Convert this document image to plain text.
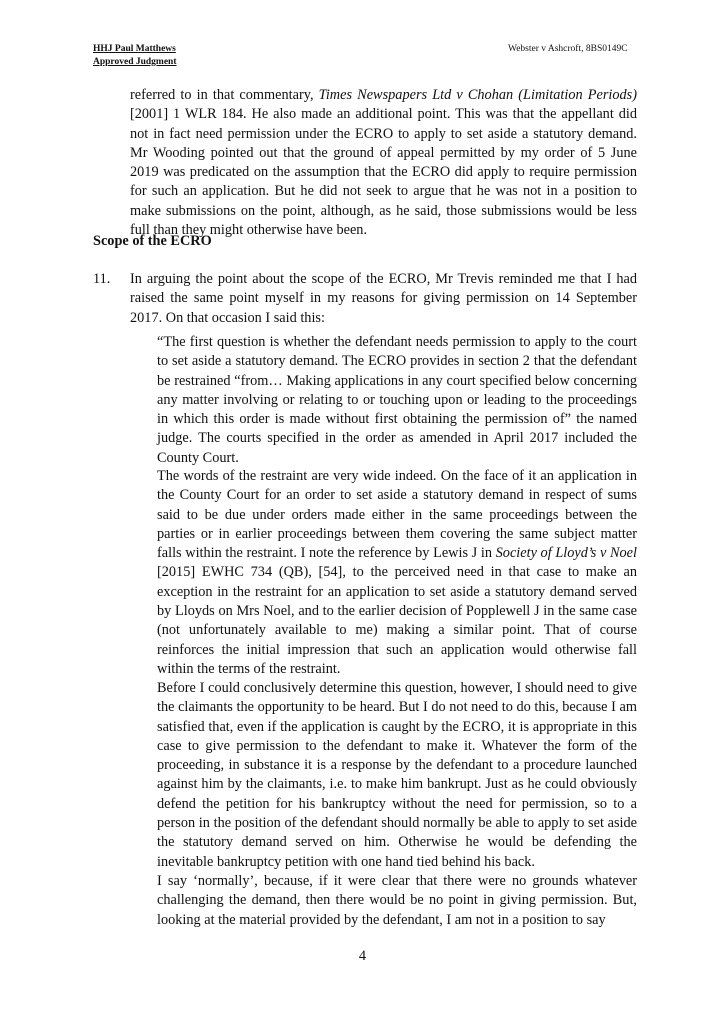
HHJ Paul Matthews
Approved Judgment
Webster v Ashcroft, 8BS0149C

referred to in that commentary, Times Newspapers Ltd v Chohan (Limitation Periods) [2001] 1 WLR 184. He also made an additional point. This was that the appellant did not in fact need permission under the ECRO to apply to set aside a statutory demand. Mr Wooding pointed out that the ground of appeal permitted by my order of 5 June 2019 was predicated on the assumption that the ECRO did apply to require permission for such an application. But he did not seek to argue that he was not in a position to make submissions on the point, although, as he said, those submissions would be less full than they might otherwise have been.

Scope of the ECRO
11. In arguing the point about the scope of the ECRO, Mr Trevis reminded me that I had raised the same point myself in my reasons for giving permission on 14 September 2017. On that occasion I said this:

“The first question is whether the defendant needs permission to apply to the court to set aside a statutory demand. The ECRO provides in section 2 that the defendant be restrained “from… Making applications in any court specified below concerning any matter involving or relating to or touching upon or leading to the proceedings in which this order is made without first obtaining the permission of” the named judge. The courts specified in the order as amended in April 2017 included the County Court.

The words of the restraint are very wide indeed. On the face of it an application in the County Court for an order to set aside a statutory demand in respect of sums said to be due under orders made either in the same proceedings between the parties or in earlier proceedings between them covering the same subject matter falls within the restraint. I note the reference by Lewis J in Society of Lloyd’s v Noel [2015] EWHC 734 (QB), [54], to the perceived need in that case to make an exception in the restraint for an application to set aside a statutory demand served by Lloyds on Mrs Noel, and to the earlier decision of Popplewell J in the same case (not unfortunately available to me) making a similar point. That of course reinforces the initial impression that such an application would otherwise fall within the terms of the restraint.

Before I could conclusively determine this question, however, I should need to give the claimants the opportunity to be heard. But I do not need to do this, because I am satisfied that, even if the application is caught by the ECRO, it is appropriate in this case to give permission to the defendant to make it. Whatever the form of the proceeding, in substance it is a response by the defendant to a procedure launched against him by the claimants, i.e. to make him bankrupt. Just as he could obviously defend the petition for his bankruptcy without the need for permission, so to a person in the position of the defendant should normally be able to apply to set aside the statutory demand served on him. Otherwise he would be defending the inevitable bankruptcy petition with one hand tied behind his back.

I say ‘normally’, because, if it were clear that there were no grounds whatever challenging the demand, then there would be no point in giving permission. But, looking at the material provided by the defendant, I am not in a position to say

4
